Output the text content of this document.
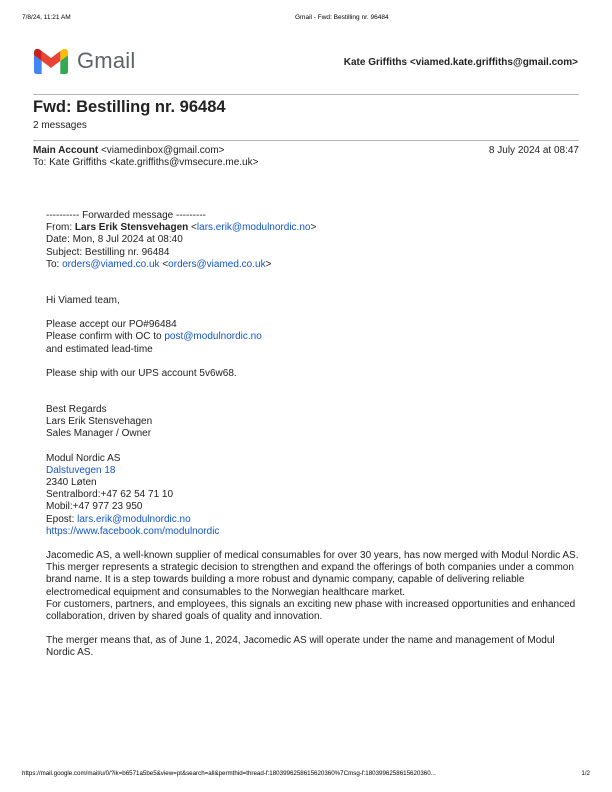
7/8/24, 11:21 AM	Gmail - Fwd: Bestilling nr. 96484
Gmail	Kate Griffiths <viamed.kate.griffiths@gmail.com>
Fwd: Bestilling nr. 96484
2 messages
Main Account <viamedinbox@gmail.com>	8 July 2024 at 08:47
To: Kate Griffiths <kate.griffiths@vmsecure.me.uk>
---------- Forwarded message ---------
From: Lars Erik Stensvehagen <lars.erik@modulnordic.no>
Date: Mon, 8 Jul 2024 at 08:40
Subject: Bestilling nr. 96484
To: orders@viamed.co.uk <orders@viamed.co.uk>
Hi Viamed team,
Please accept our PO#96484
Please confirm with OC to post@modulnordic.no
and estimated lead-time
Please ship with our UPS account 5v6w68.
Best Regards
Lars Erik Stensvehagen
Sales Manager / Owner
Modul Nordic AS
Dalstuvegen 18
2340 Løten
Sentralbord:+47 62 54 71 10
Mobil:+47 977 23 950
Epost: lars.erik@modulnordic.no
https://www.facebook.com/modulnordic
Jacomedic AS, a well-known supplier of medical consumables for over 30 years, has now merged with Modul Nordic AS. This merger represents a strategic decision to strengthen and expand the offerings of both companies under a common brand name. It is a step towards building a more robust and dynamic company, capable of delivering reliable electromedical equipment and consumables to the Norwegian healthcare market.
For customers, partners, and employees, this signals an exciting new phase with increased opportunities and enhanced collaboration, driven by shared goals of quality and innovation.
The merger means that, as of June 1, 2024, Jacomedic AS will operate under the name and management of Modul Nordic AS.
https://mail.google.com/mail/u/0/?ik=b6571a5be5&view=pt&search=all&permthid=thread-f:1803996258615620360%7Cmsg-f:1803996258615620360...	1/2
